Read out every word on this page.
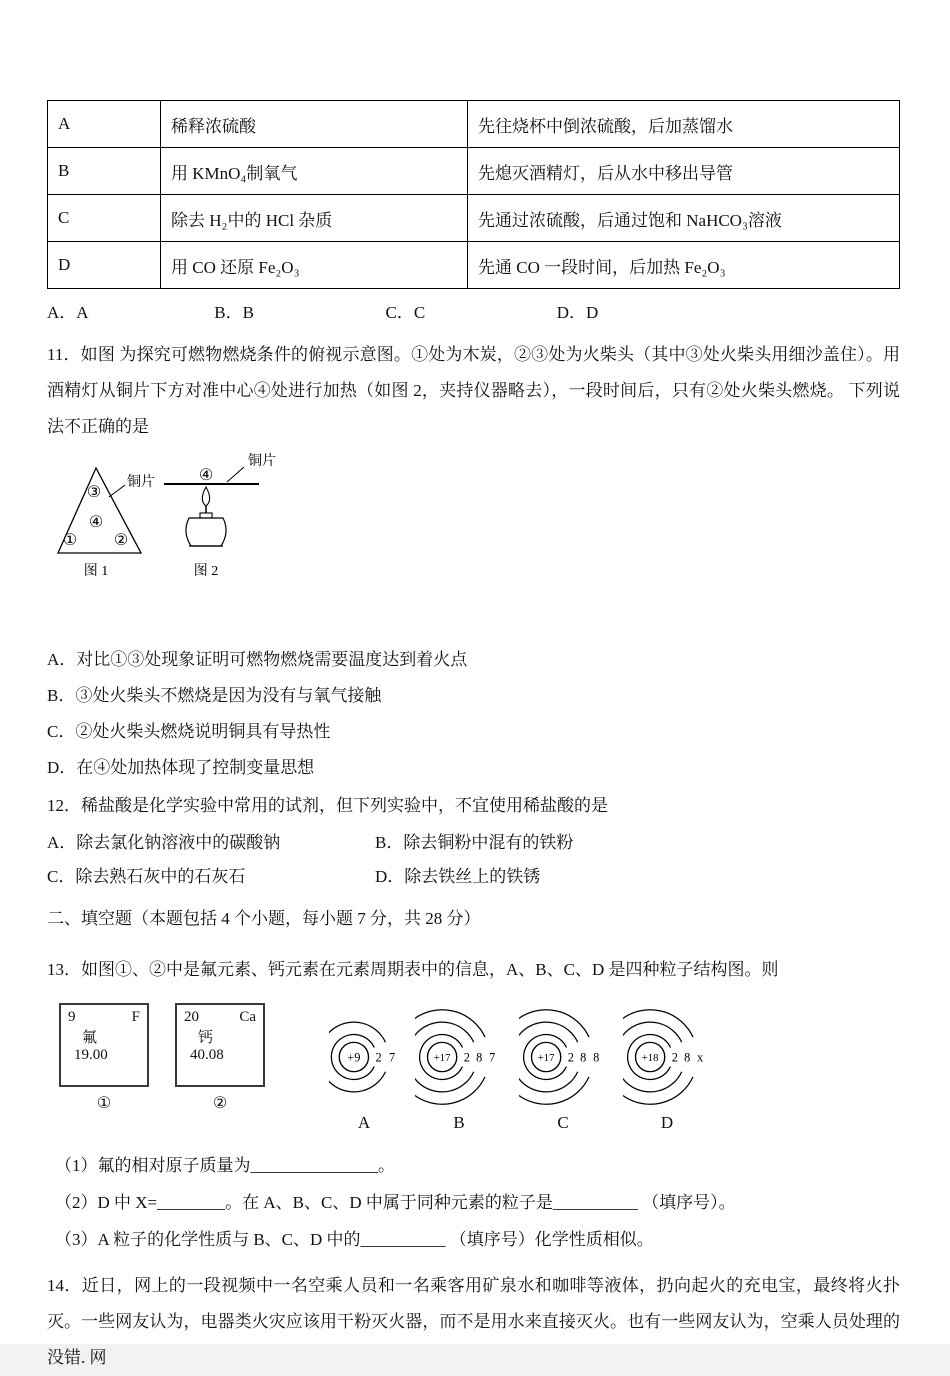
A	稀释浓硫酸	先往烧杯中倒浓硫酸，后加蒸馏水
B	用 KMnO₄制氧气	先熄灭酒精灯，后从水中移出导管
C	除去 H₂中的 HCl 杂质	先通过浓硫酸，后通过饱和 NaHCO₃溶液
D	用 CO 还原 Fe₂O₃	先通 CO 一段时间，后加热 Fe₂O₃
A．A	B．B	C．C	D．D

11．如图 为探究可燃物燃烧条件的俯视示意图。①处为木炭，②③处为火柴头（其中③处火柴头用细沙盖住）。用酒精灯从铜片下方对准中心④处进行加热（如图 2，夹持仪器略去），一段时间后，只有②处火柴头燃烧。 下列说法不正确的是

铜片
③
④
① ②
图 1
铜片
④
图 2
A．对比①③处现象证明可燃物燃烧需要温度达到着火点
B．③处火柴头不燃烧是因为没有与氧气接触
C．②处火柴头燃烧说明铜具有导热性
D．在④处加热体现了控制变量思想

12．稀盐酸是化学实验中常用的试剂，但下列实验中，不宜使用稀盐酸的是

A．除去氯化钠溶液中的碳酸钠	B．除去铜粉中混有的铁粉
C．除去熟石灰中的石灰石	D．除去铁丝上的铁锈

二、填空题（本题包括 4 个小题，每小题 7 分，共 28 分）

13．如图①、②中是氟元素、钙元素在元素周期表中的信息，A、B、C、D 是四种粒子结构图。则

9	F
氟
19.00
①
20	Ca
钙
40.08
②
+9 2 7
A
+17 2 8 7
B
+17 2 8 8
C
+18 2 8 x
D

（1）氟的相对原子质量为_______________。

（2）D 中 X=________。在 A、B、C、D 中属于同种元素的粒子是__________ （填序号）。

（3）A 粒子的化学性质与 B、C、D 中的__________ （填序号）化学性质相似。

14．近日，网上的一段视频中一名空乘人员和一名乘客用矿泉水和咖啡等液体，扔向起火的充电宝，最终将火扑灭。一些网友认为，电器类火灾应该用干粉灭火器，而不是用水来直接灭火。也有一些网友认为，空乘人员处理的没错. 网
